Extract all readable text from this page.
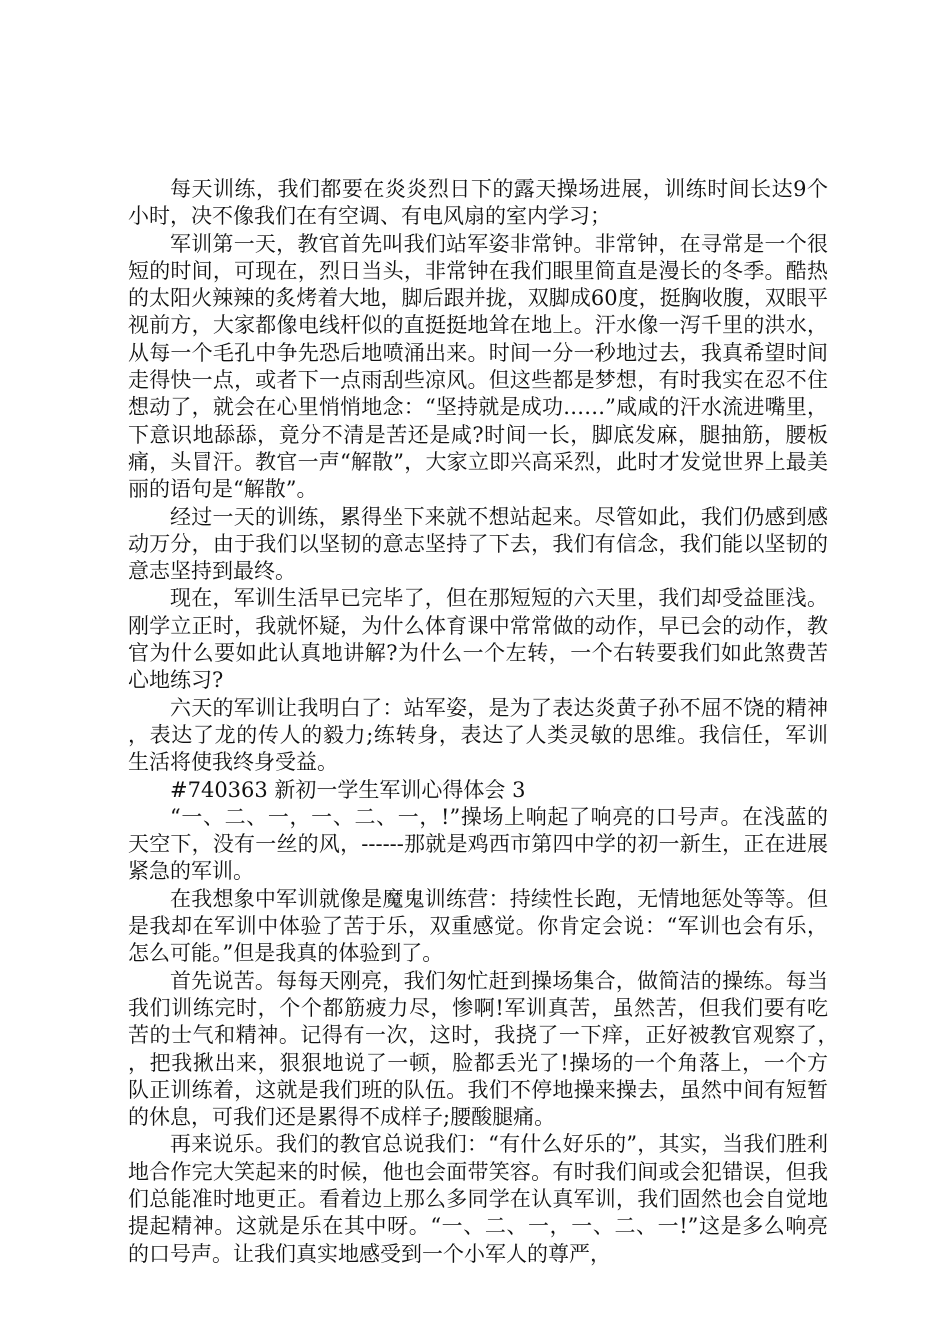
每天训练，我们都要在炎炎烈日下的露天操场进展，训练时间长达9个小时，决不像我们在有空调、有电风扇的室内学习；

军训第一天，教官首先叫我们站军姿非常钟。非常钟，在寻常是一个很短的时间，可现在，烈日当头，非常钟在我们眼里简直是漫长的冬季。酷热的太阳火辣辣的炙烤着大地，脚后跟并拢，双脚成60度，挺胸收腹，双眼平视前方，大家都像电线杆似的直挺挺地耸在地上。汗水像一泻千里的洪水，从每一个毛孔中争先恐后地喷涌出来。时间一分一秒地过去，我真希望时间走得快一点，或者下一点雨刮些凉风。但这些都是梦想，有时我实在忍不住想动了，就会在心里悄悄地念：“坚持就是成功……”咸咸的汗水流进嘴里，下意识地舔舔，竟分不清是苦还是咸?时间一长，脚底发麻，腿抽筋，腰板痛，头冒汗。教官一声“解散”，大家立即兴高采烈，此时才发觉世界上最美丽的语句是“解散”。

经过一天的训练，累得坐下来就不想站起来。尽管如此，我们仍感到感动万分，由于我们以坚韧的意志坚持了下去，我们有信念，我们能以坚韧的意志坚持到最终。

现在，军训生活早已完毕了，但在那短短的六天里，我们却受益匪浅。刚学立正时，我就怀疑，为什么体育课中常常做的动作，早已会的动作，教官为什么要如此认真地讲解?为什么一个左转，一个右转要我们如此煞费苦心地练习?

六天的军训让我明白了：站军姿，是为了表达炎黄子孙不屈不饶的精神，表达了龙的传人的毅力;练转身，表达了人类灵敏的思维。我信任，军训生活将使我终身受益。

#740363 新初一学生军训心得体会 3

“一、二、一，一、二、一，!”操场上响起了响亮的口号声。在浅蓝的天空下，没有一丝的风，------那就是鸡西市第四中学的初一新生，正在进展紧急的军训。

在我想象中军训就像是魔鬼训练营：持续性长跑，无情地惩处等等。但是我却在军训中体验了苦于乐，双重感觉。你肯定会说：“军训也会有乐，怎么可能。”但是我真的体验到了。

首先说苦。每每天刚亮，我们匆忙赶到操场集合，做简洁的操练。每当我们训练完时，个个都筋疲力尽，惨啊!军训真苦，虽然苦，但我们要有吃苦的士气和精神。记得有一次，这时，我挠了一下痒，正好被教官观察了，，把我揪出来，狠狠地说了一顿，脸都丢光了!操场的一个角落上，一个方队正训练着，这就是我们班的队伍。我们不停地操来操去，虽然中间有短暂的休息，可我们还是累得不成样子;腰酸腿痛。

再来说乐。我们的教官总说我们：“有什么好乐的”，其实，当我们胜利地合作完大笑起来的时候，他也会面带笑容。有时我们间或会犯错误，但我们总能准时地更正。看着边上那么多同学在认真军训，我们固然也会自觉地提起精神。这就是乐在其中呀。“一、二、一，一、二、一!”这是多么响亮的口号声。让我们真实地感受到一个小军人的尊严，
